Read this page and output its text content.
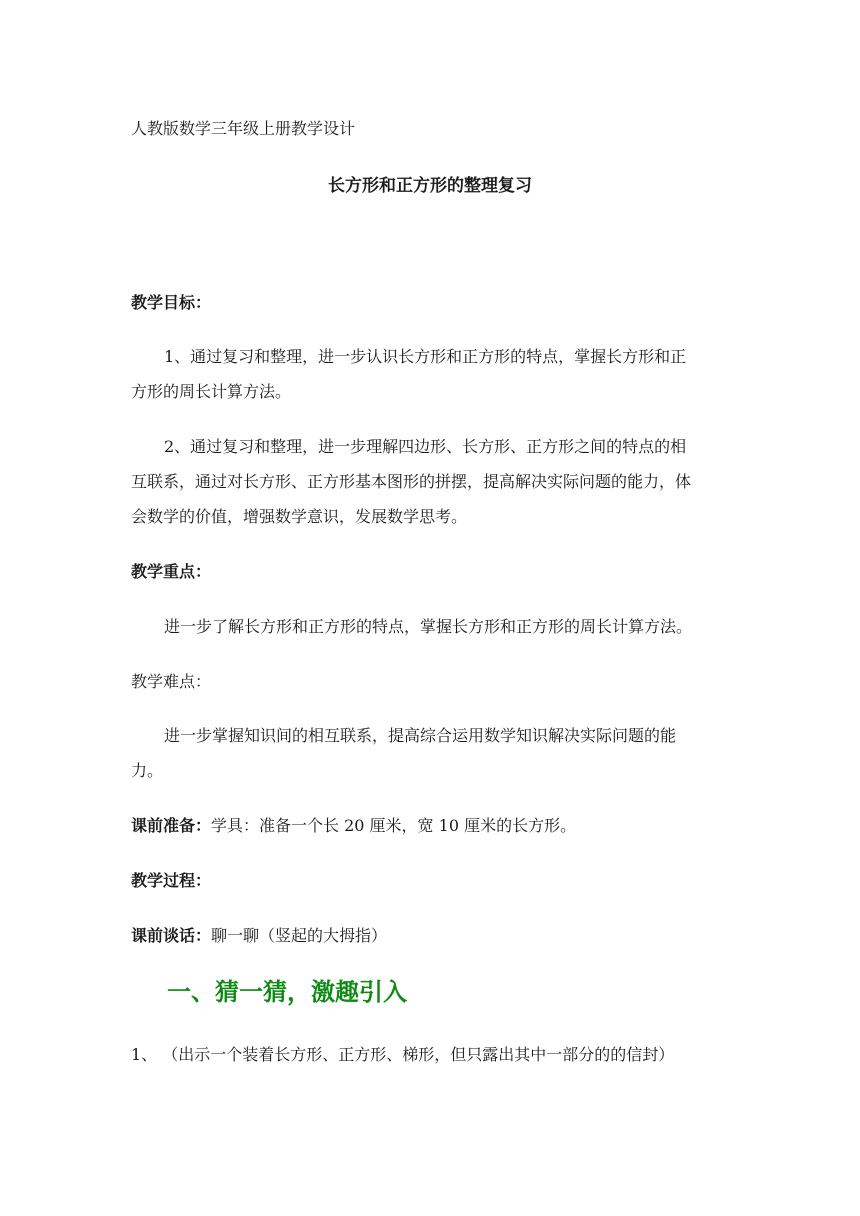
人教版数学三年级上册教学设计
长方形和正方形的整理复习
教学目标：
1、通过复习和整理，进一步认识长方形和正方形的特点，掌握长方形和正
方形的周长计算方法。
2、通过复习和整理，进一步理解四边形、长方形、正方形之间的特点的相
互联系，通过对长方形、正方形基本图形的拼摆，提高解决实际问题的能力，体
会数学的价值，增强数学意识，发展数学思考。
教学重点：
进一步了解长方形和正方形的特点，掌握长方形和正方形的周长计算方法。
教学难点：
进一步掌握知识间的相互联系，提高综合运用数学知识解决实际问题的能
力。
课前准备：学具：准备一个长 20 厘米，宽 10 厘米的长方形。
教学过程：
课前谈话：聊一聊（竖起的大拇指）
一、猜一猜，激趣引入
1、 （出示一个装着长方形、正方形、梯形，但只露出其中一部分的的信封）
